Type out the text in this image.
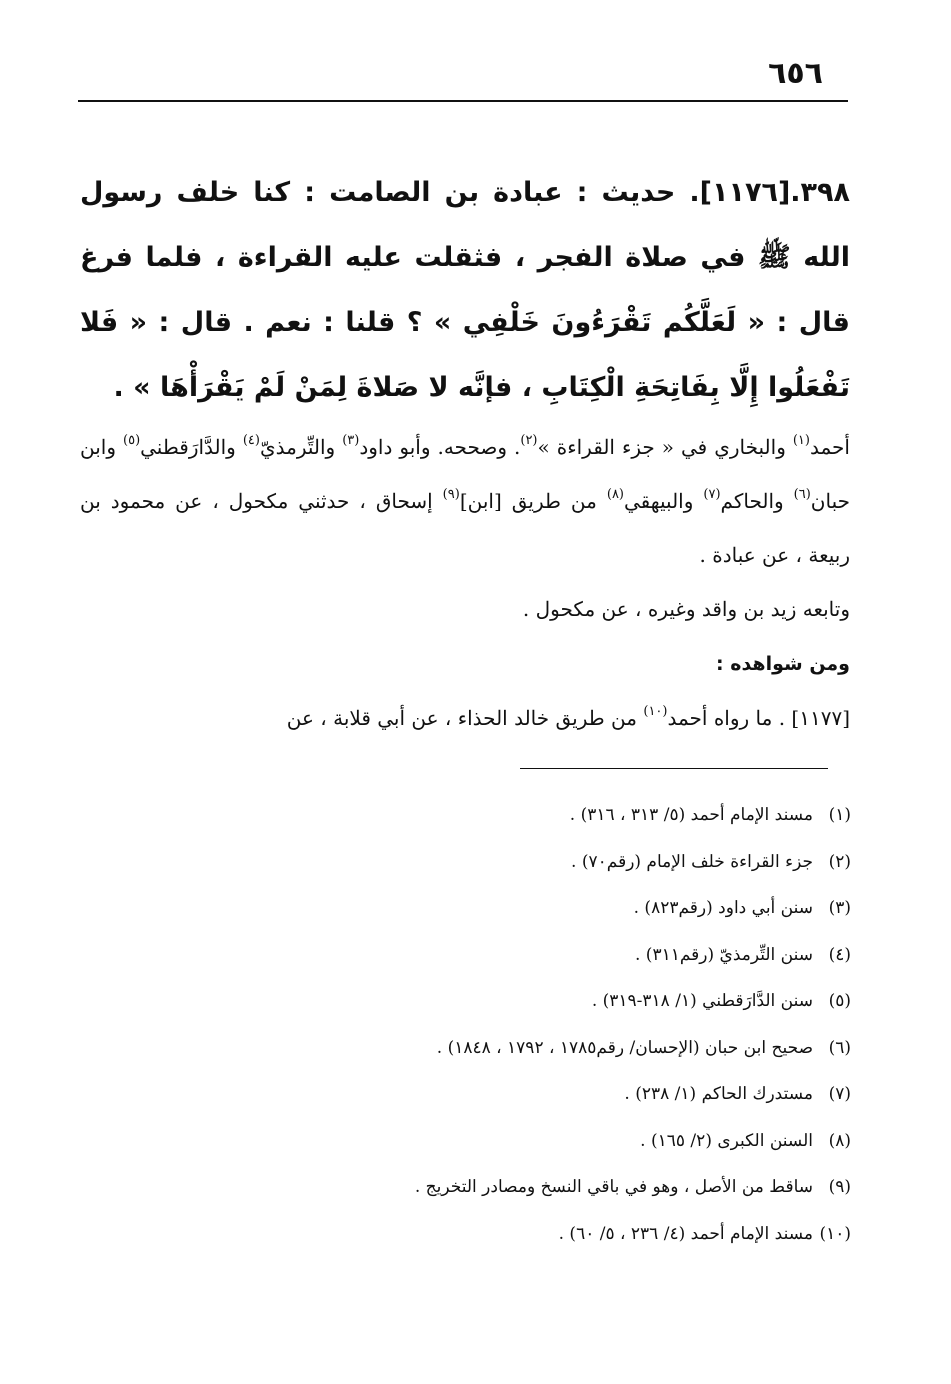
٦٥٦

٣٩٨.[١١٧٦]. حديث : عبادة بن الصامت : كنا خلف رسول الله ﷺ في صلاة الفجر ، فثقلت عليه القراءة ، فلما فرغ قال : « لَعَلَّكُم تَقْرَءُونَ خَلْفِي » ؟ قلنا : نعم . قال : « فَلا تَفْعَلُوا إِلَّا بِفَاتِحَةِ الْكِتَابِ ، فإنَّه لا صَلاةَ لِمَنْ لَمْ يَقْرَأْهَا » .

أحمد$^{(١)}$ والبخاري في « جزء القراءة »$^{(٢)}$. وصححه. وأبو داود$^{(٣)}$ والتِّرمذيّ$^{(٤)}$ والدَّارَقطني$^{(٥)}$ وابن حبان$^{(٦)}$ والحاكم$^{(٧)}$ والبيهقي$^{(٨)}$ من طريق [ابن]$^{(٩)}$ إسحاق ، حدثني مكحول ، عن محمود بن ربيعة ، عن عبادة .

وتابعه زيد بن واقد وغيره ، عن مكحول .

ومن شواهده :

[١١٧٧] . ما رواه أحمد$^{(١٠)}$ من طريق خالد الحذاء ، عن أبي قلابة ، عن

(١)مسند الإمام أحمد (٥/ ٣١٣ ، ٣١٦) .
(٢)جزء القراءة خلف الإمام (رقم٧٠) .
(٣)سنن أبي داود (رقم٨٢٣) .
(٤)سنن التِّرمذيّ (رقم٣١١) .
(٥)سنن الدَّارَقطني (١/ ٣١٨-٣١٩) .
(٦)صحيح ابن حبان (الإحسان/ رقم١٧٨٥ ، ١٧٩٢ ، ١٨٤٨) .
(٧)مستدرك الحاكم (١/ ٢٣٨) .
(٨)السنن الكبرى (٢/ ١٦٥) .
(٩)ساقط من الأصل ، وهو في باقي النسخ ومصادر التخريج .
(١٠)مسند الإمام أحمد (٤/ ٢٣٦ ، ٥/ ٦٠) .
